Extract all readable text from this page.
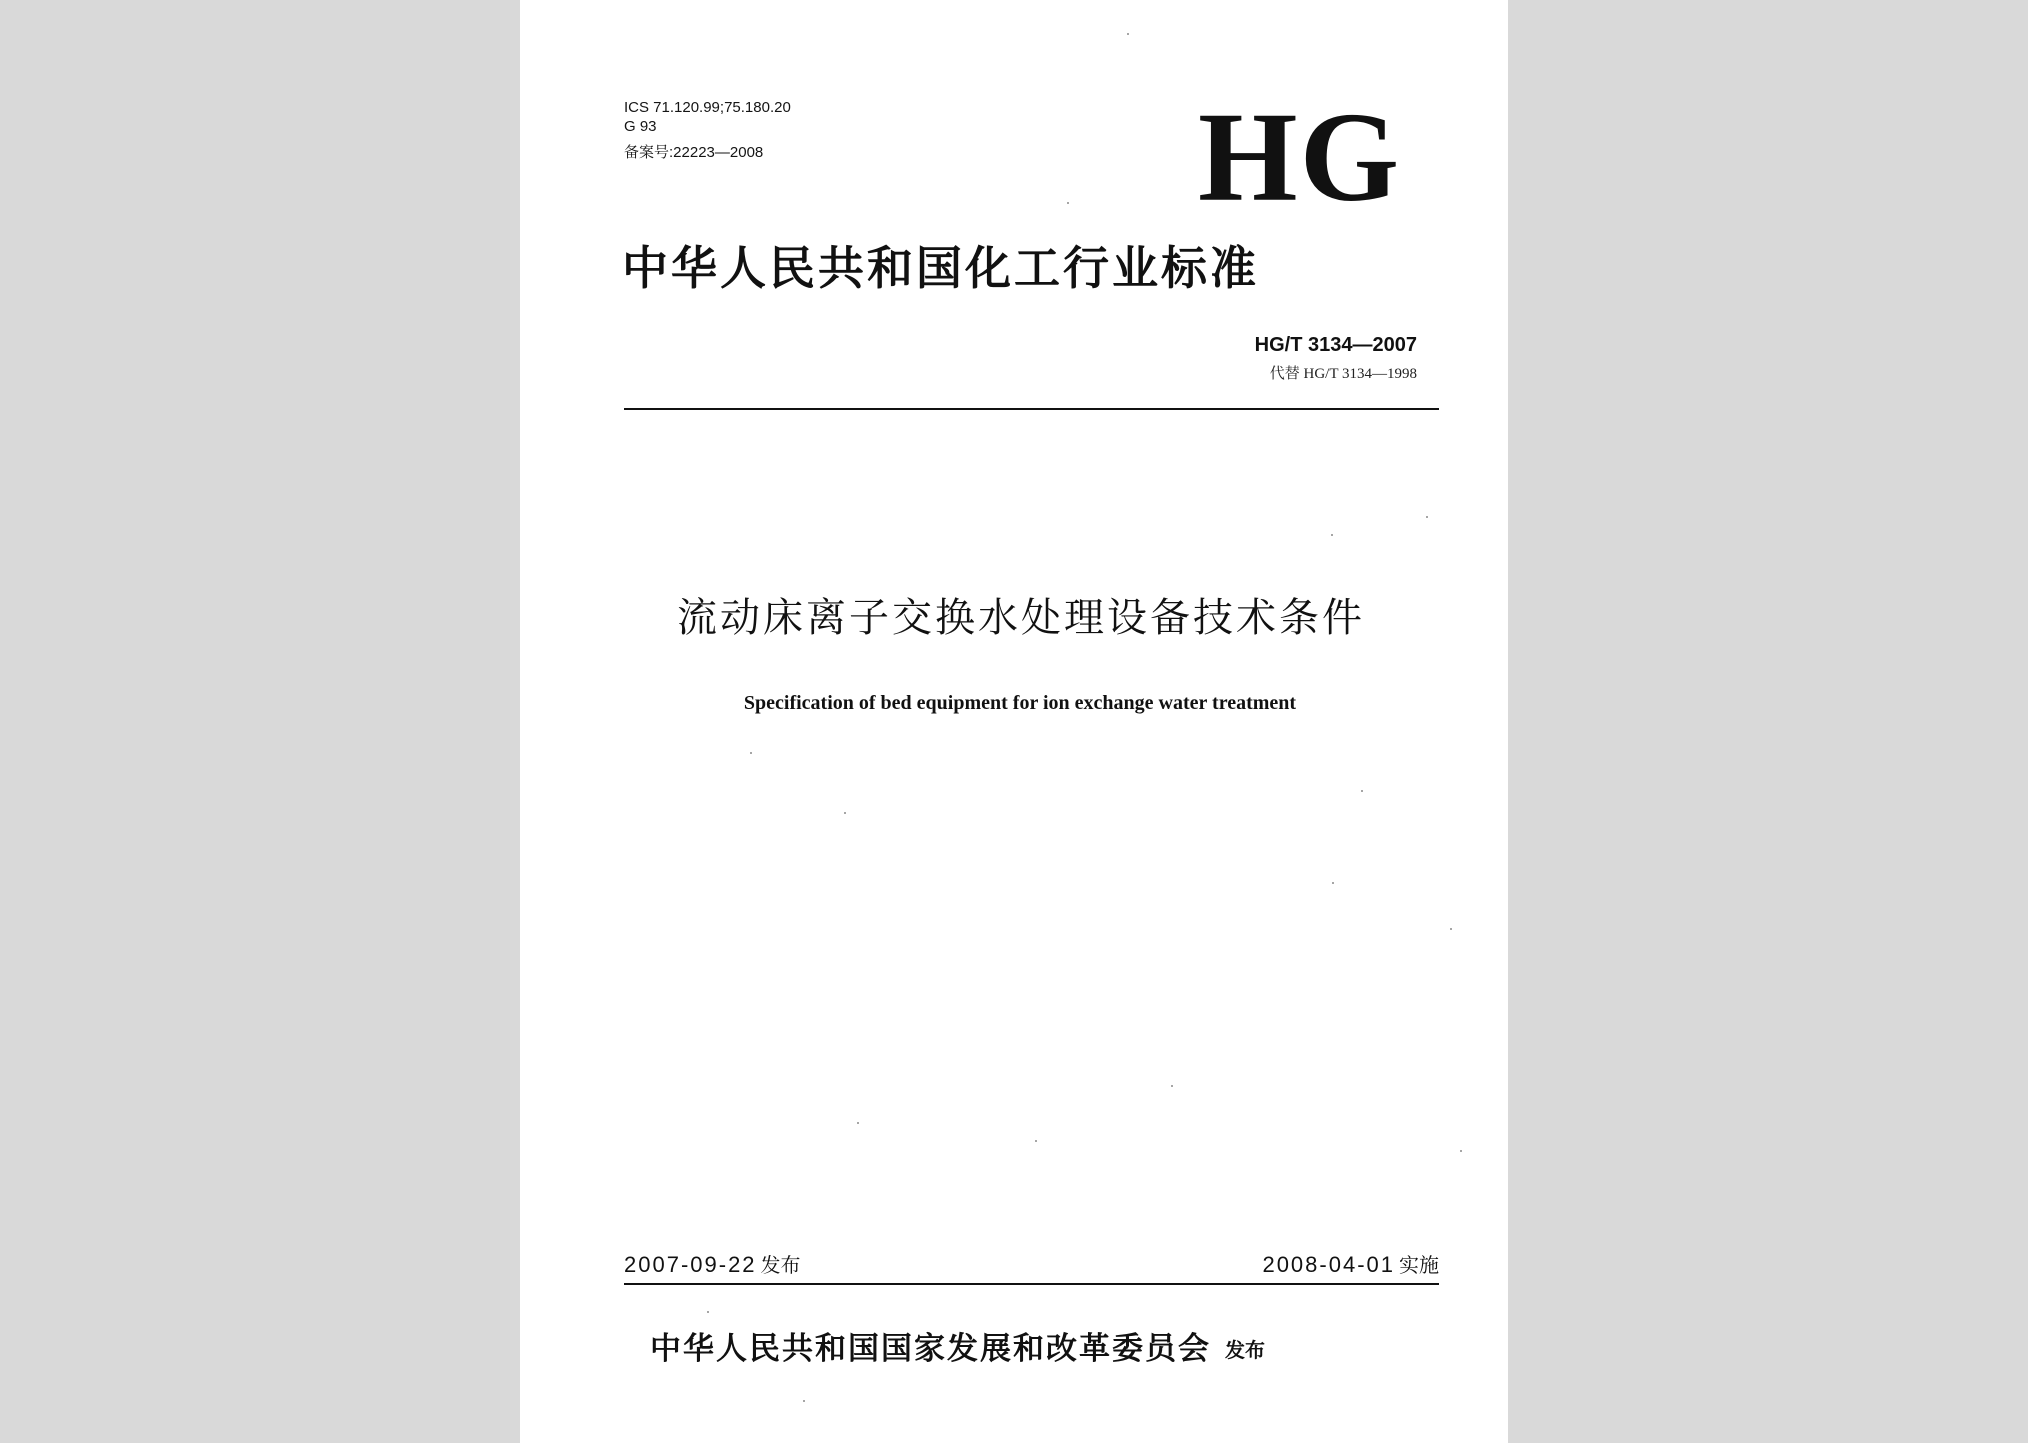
ICS 71.120.99;75.180.20
G 93
备案号:22223—2008	HG
中华人民共和国化工行业标准
HG/T 3134—2007
代替 HG/T 3134—1998
流动床离子交换水处理设备技术条件
Specification of bed equipment for ion exchange water treatment
2007-09-22 发布	2008-04-01 实施
中华人民共和国国家发展和改革委员会 发布
